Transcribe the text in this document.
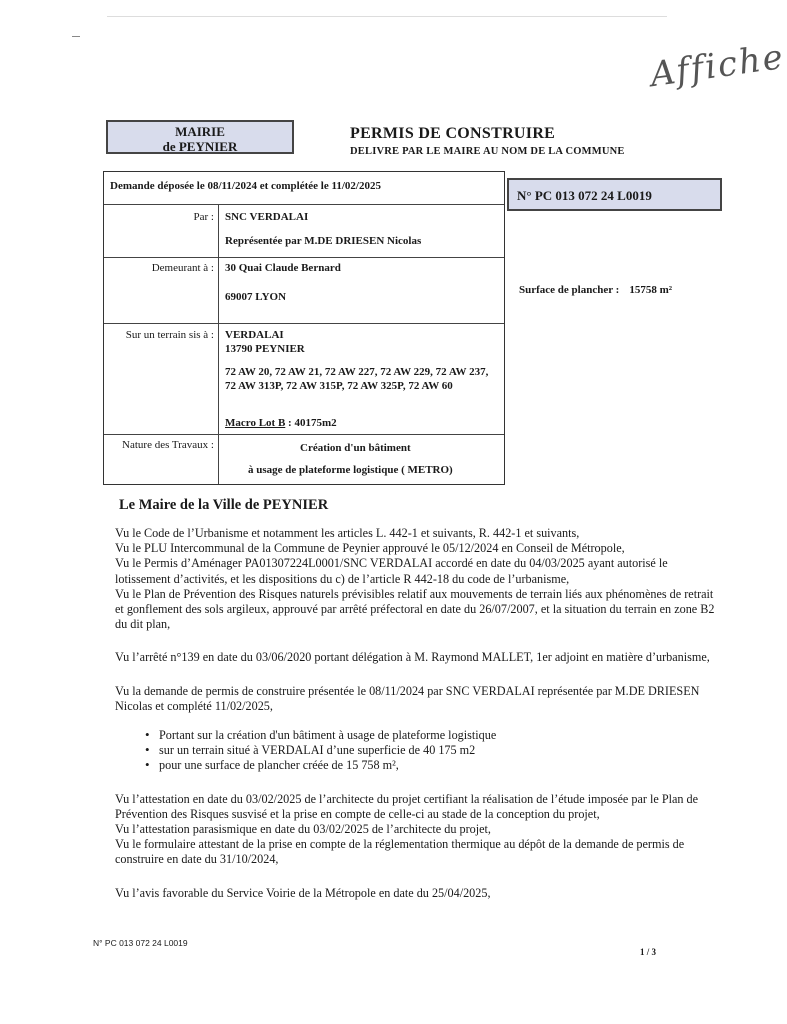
Affiche
MAIRIE
de PEYNIER
PERMIS DE CONSTRUIRE
DELIVRE PAR LE MAIRE AU NOM DE LA COMMUNE
Demande déposée le 08/11/2024 et complétée le 11/02/2025
Par : SNC VERDALAI
Représentée par M.DE DRIESEN Nicolas
Demeurant à : 30 Quai Claude Bernard
69007 LYON
Sur un terrain sis à : VERDALAI
13790 PEYNIER
72 AW 20, 72 AW 21, 72 AW 227, 72 AW 229, 72 AW 237, 72 AW 313P, 72 AW 315P, 72 AW 325P, 72 AW 60
Macro Lot B : 40175m2
Nature des Travaux :	Création d'un bâtiment
à usage de plateforme logistique ( METRO)
N° PC 013 072 24 L0019
Surface de plancher : 15758 m²
Le Maire de la Ville de PEYNIER

Vu le Code de l’Urbanisme et notamment les articles L. 442-1 et suivants, R. 442-1 et suivants,

Vu le PLU Intercommunal de la Commune de Peynier approuvé le 05/12/2024 en Conseil de Métropole,

Vu le Permis d’Aménager PA01307224L0001/SNC VERDALAI accordé en date du 04/03/2025 ayant autorisé le lotissement d’activités, et les dispositions du c) de l’article R 442-18 du code de l’urbanisme,

Vu le Plan de Prévention des Risques naturels prévisibles relatif aux mouvements de terrain liés aux phénomènes de retrait et gonflement des sols argileux, approuvé par arrêté préfectoral en date du 26/07/2007, et la situation du terrain en zone B2 du dit plan,

Vu l’arrêté n°139 en date du 03/06/2020 portant délégation à M. Raymond MALLET, 1er adjoint en matière d’urbanisme,

Vu la demande de permis de construire présentée le 08/11/2024 par SNC VERDALAI représentée par M.DE DRIESEN Nicolas et complété 11/02/2025,

• Portant sur la création d'un bâtiment à usage de plateforme logistique
• sur un terrain situé à VERDALAI d’une superficie de 40 175 m2
• pour une surface de plancher créée de 15 758 m²,

Vu l’attestation en date du 03/02/2025 de l’architecte du projet certifiant la réalisation de l’étude imposée par le Plan de Prévention des Risques susvisé et la prise en compte de celle-ci au stade de la conception du projet,

Vu l’attestation parasismique en date du 03/02/2025 de l’architecte du projet,

Vu le formulaire attestant de la prise en compte de la réglementation thermique au dépôt de la demande de permis de construire en date du 31/10/2024,

Vu l’avis favorable du Service Voirie de la Métropole en date du 25/04/2025,

N° PC 013 072 24 L0019
1 / 3
